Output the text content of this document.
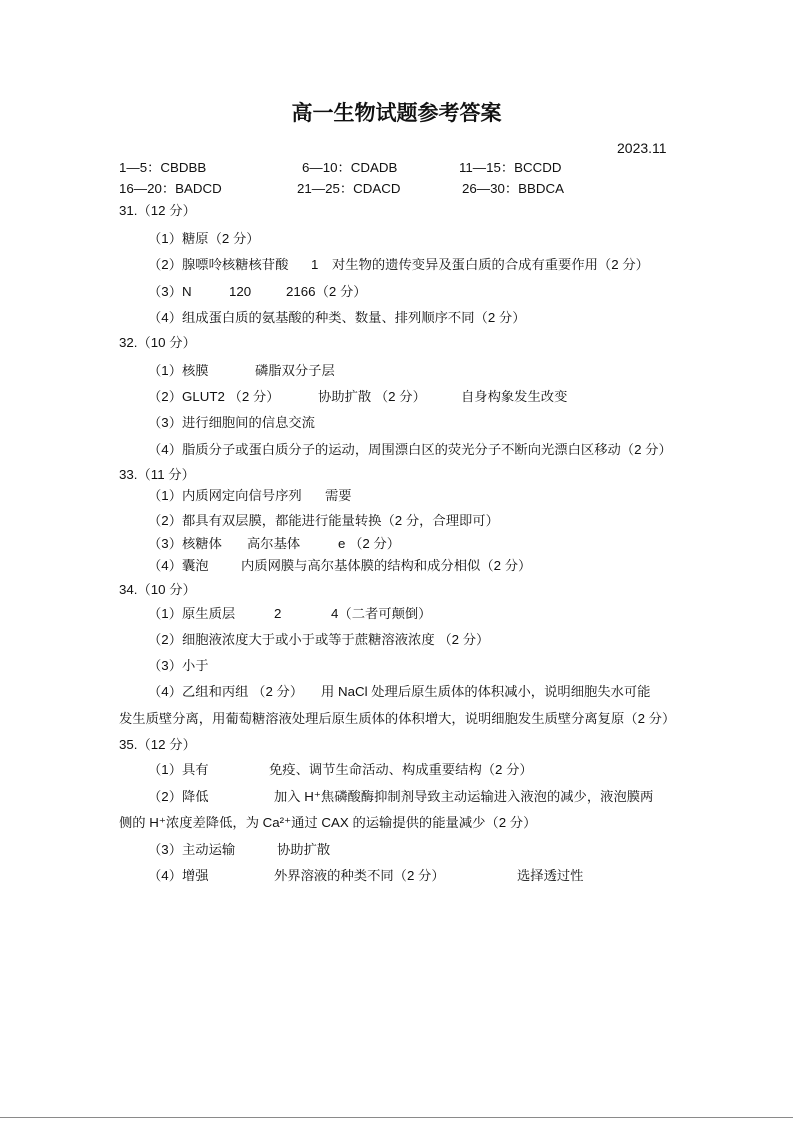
高一生物试题参考答案
2023.11
1—5：CBDBB	6—10：CDADB	11—15：BCCDD
16—20：BADCD	21—25：CDACD	26—30：BBDCA
31.（12 分）
（1）糖原（2 分）
（2）腺嘌呤核糖核苷酸 1 对生物的遗传变异及蛋白质的合成有重要作用（2 分）
（3）N	120	2166（2 分）
（4）组成蛋白质的氨基酸的种类、数量、排列顺序不同（2 分）
32.（10 分）
（1）核膜	磷脂双分子层
（2）GLUT2 （2 分）	协助扩散 （2 分）	自身构象发生改变
（3）进行细胞间的信息交流
（4）脂质分子或蛋白质分子的运动，周围漂白区的荧光分子不断向光漂白区移动（2 分）
33.（11 分）
（1）内质网定向信号序列 需要
（2）都具有双层膜，都能进行能量转换（2 分，合理即可）
（3）核糖体 高尔基体	e （2 分）
（4）囊泡 内质网膜与高尔基体膜的结构和成分相似（2 分）
34.（10 分）
（1）原生质层	2	4（二者可颠倒）
（2）细胞液浓度大于或小于或等于蔗糖溶液浓度 （2 分）
（3）小于
（4）乙组和丙组 （2 分） 用 NaCl 处理后原生质体的体积减小，说明细胞失水可能
发生质壁分离，用葡萄糖溶液处理后原生质体的体积增大，说明细胞发生质壁分离复原（2 分）
35.（12 分）
（1）具有	免疫、调节生命活动、构成重要结构（2 分）
（2）降低	加入 H⁺焦磷酸酶抑制剂导致主动运输进入液泡的减少，液泡膜两
侧的 H⁺浓度差降低，为 Ca²⁺通过 CAX 的运输提供的能量减少（2 分）
（3）主动运输	协助扩散
（4）增强	外界溶液的种类不同（2 分）	选择透过性
